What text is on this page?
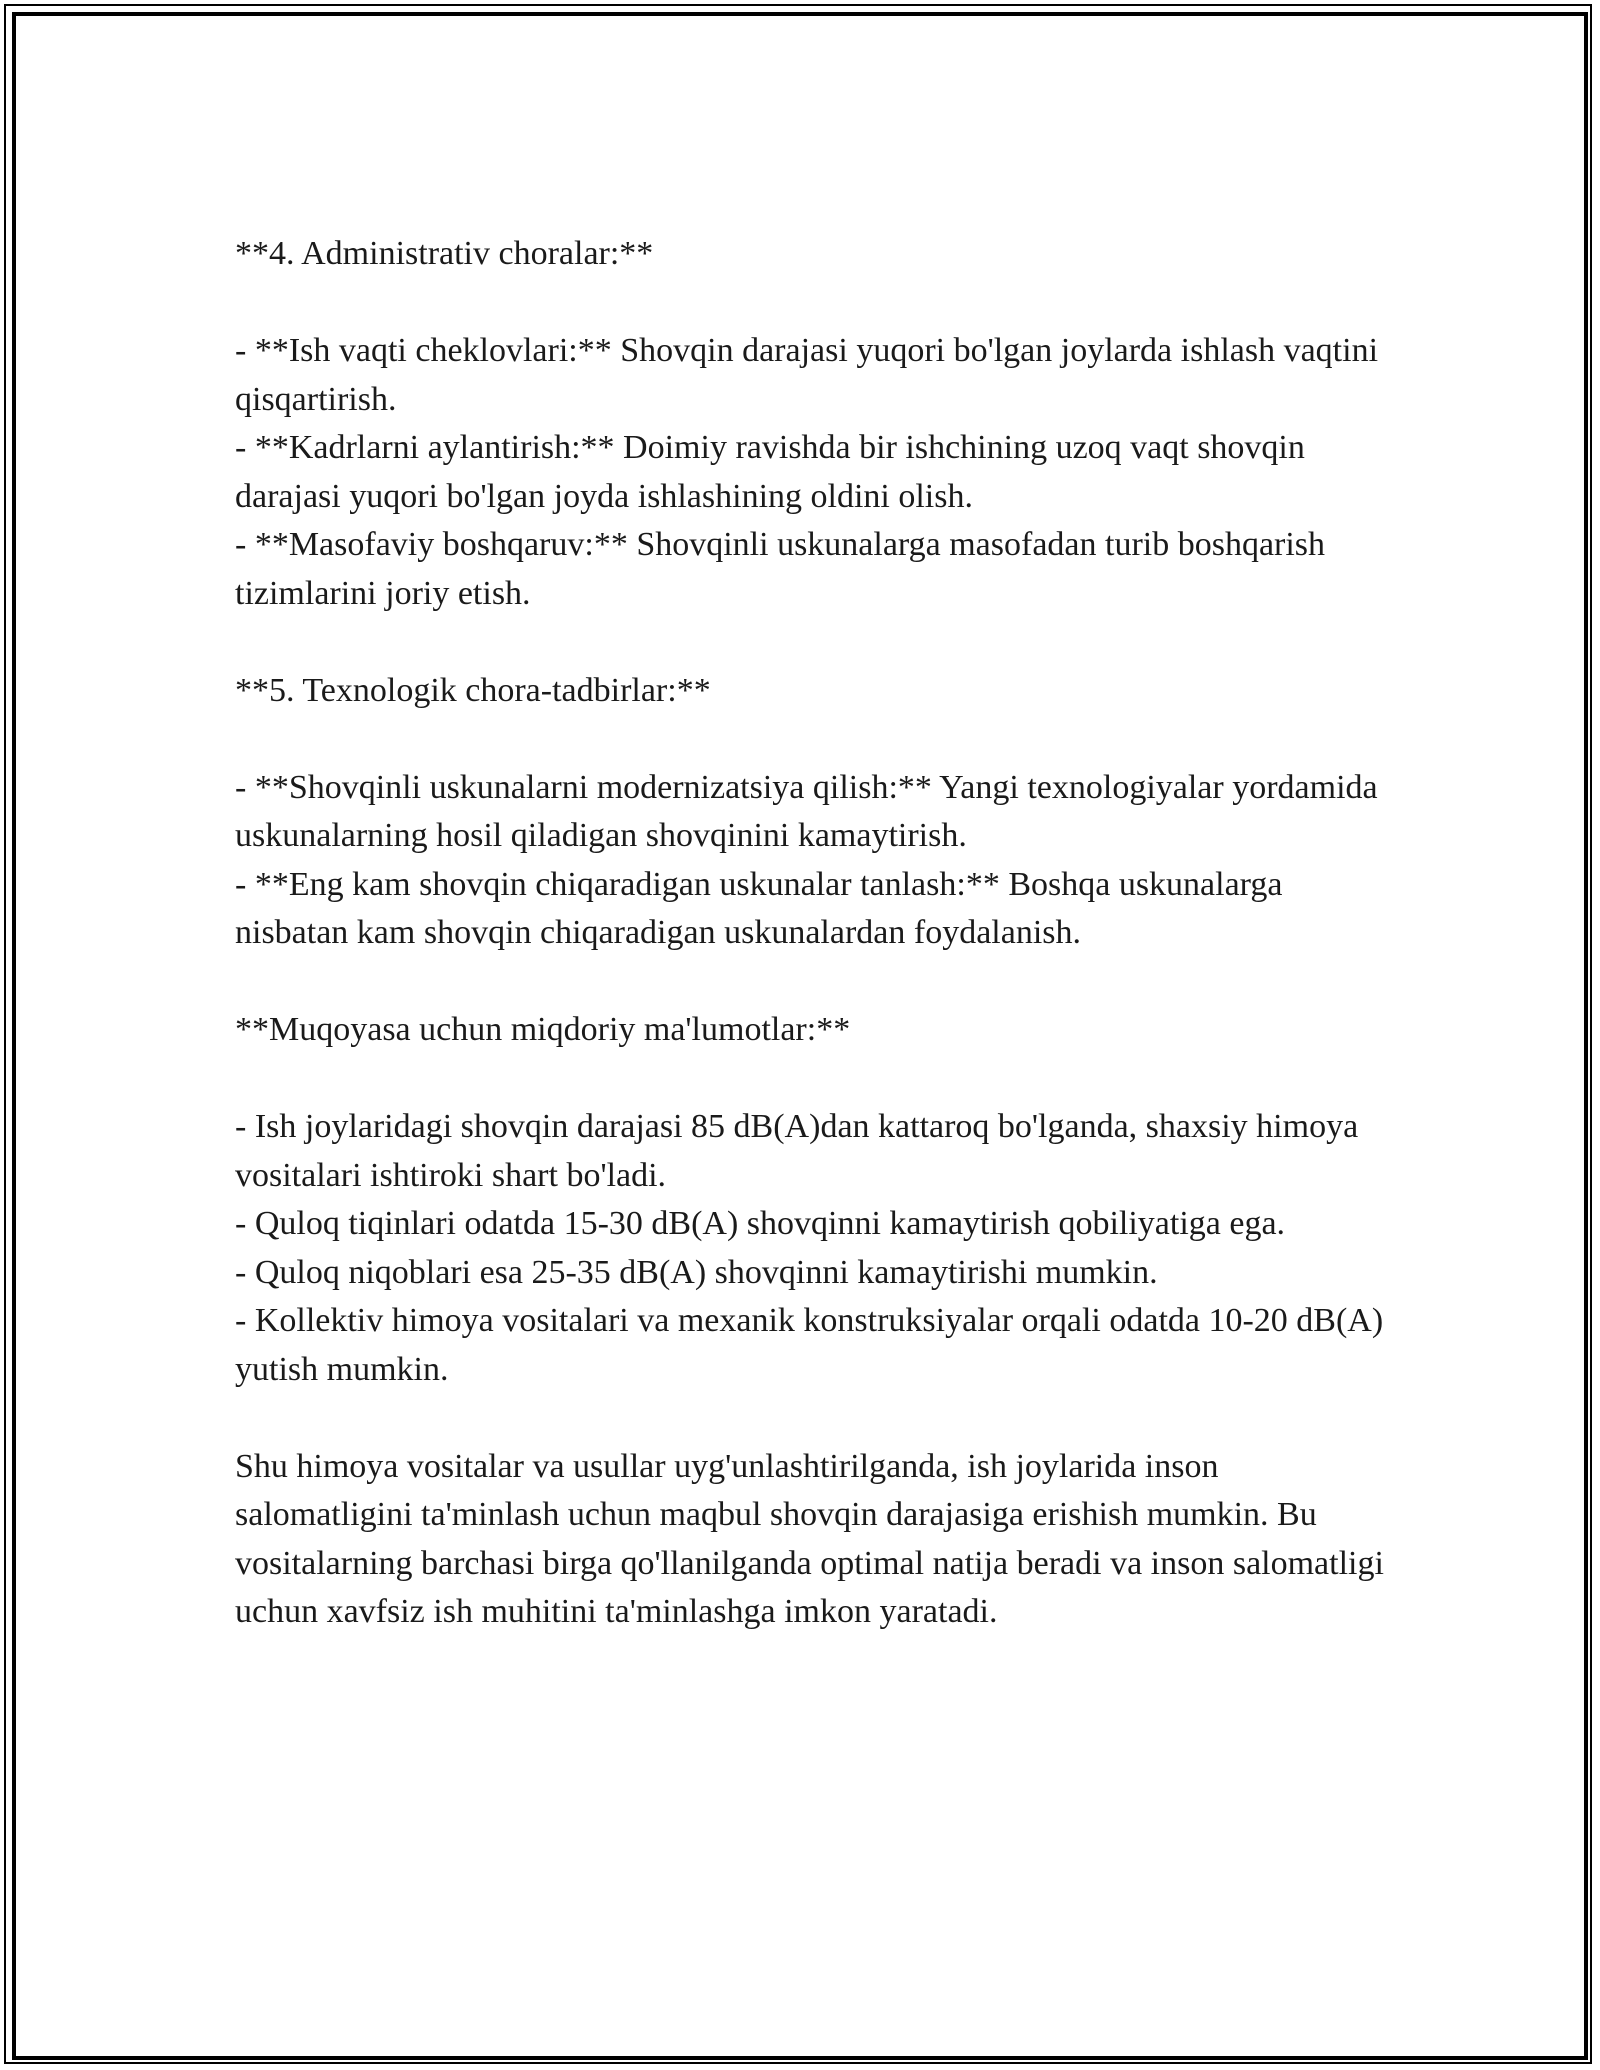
**4. Administrativ choralar:**

- **Ish vaqti cheklovlari:** Shovqin darajasi yuqori bo'lgan joylarda ishlash vaqtini qisqartirish.

- **Kadrlarni aylantirish:** Doimiy ravishda bir ishchining uzoq vaqt shovqin darajasi yuqori bo'lgan joyda ishlashining oldini olish.

- **Masofaviy boshqaruv:** Shovqinli uskunalarga masofadan turib boshqarish tizimlarini joriy etish.

**5. Texnologik chora-tadbirlar:**

- **Shovqinli uskunalarni modernizatsiya qilish:** Yangi texnologiyalar yordamida uskunalarning hosil qiladigan shovqinini kamaytirish.

- **Eng kam shovqin chiqaradigan uskunalar tanlash:** Boshqa uskunalarga nisbatan kam shovqin chiqaradigan uskunalardan foydalanish.

**Muqoyasa uchun miqdoriy ma'lumotlar:**

- Ish joylaridagi shovqin darajasi 85 dB(A)dan kattaroq bo'lganda, shaxsiy himoya vositalari ishtiroki shart bo'ladi.

- Quloq tiqinlari odatda 15-30 dB(A) shovqinni kamaytirish qobiliyatiga ega.

- Quloq niqoblari esa 25-35 dB(A) shovqinni kamaytirishi mumkin.

- Kollektiv himoya vositalari va mexanik konstruksiyalar orqali odatda 10-20 dB(A) yutish mumkin.

Shu himoya vositalar va usullar uyg'unlashtirilganda, ish joylarida inson salomatligini ta'minlash uchun maqbul shovqin darajasiga erishish mumkin. Bu vositalarning barchasi birga qo'llanilganda optimal natija beradi va inson salomatligi uchun xavfsiz ish muhitini ta'minlashga imkon yaratadi.
